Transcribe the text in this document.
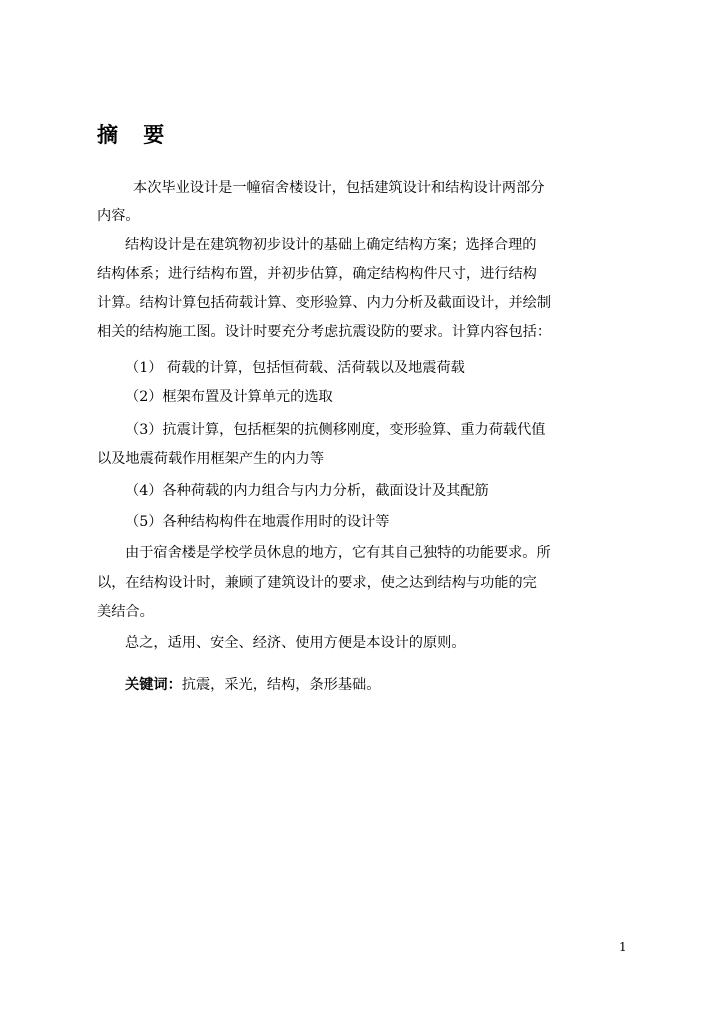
摘 要
本次毕业设计是一幢宿舍楼设计，包括建筑设计和结构设计两部分
内容。
结构设计是在建筑物初步设计的基础上确定结构方案；选择合理的
结构体系；进行结构布置，并初步估算，确定结构构件尺寸，进行结构
计算。结构计算包括荷载计算、变形验算、内力分析及截面设计，并绘制
相关的结构施工图。设计时要充分考虑抗震设防的要求。计算内容包括：
（1） 荷载的计算，包括恒荷载、活荷载以及地震荷载
（2）框架布置及计算单元的选取
（3）抗震计算，包括框架的抗侧移刚度，变形验算、重力荷载代值
以及地震荷载作用框架产生的内力等
（4）各种荷载的内力组合与内力分析，截面设计及其配筋
（5）各种结构构件在地震作用时的设计等
由于宿舍楼是学校学员休息的地方，它有其自己独特的功能要求。所
以，在结构设计时，兼顾了建筑设计的要求，使之达到结构与功能的完
美结合。
总之，适用、安全、经济、使用方便是本设计的原则。
关键词：抗震，采光，结构，条形基础。
1
